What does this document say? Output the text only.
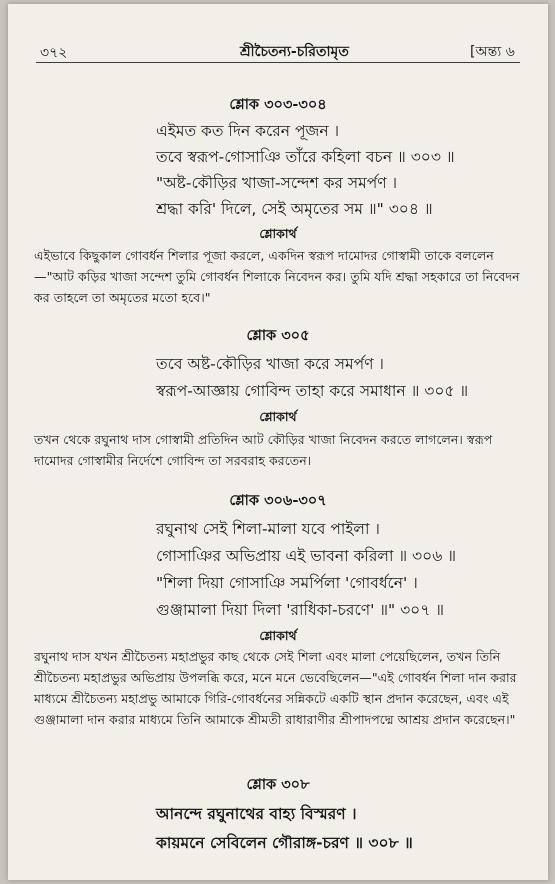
৩৭২	শ্রীচৈতন্য-চরিতামৃত	[অন্ত্য ৬
শ্লোক ৩০৩-৩০৪
এইমত কত দিন করেন পূজন ।
তবে স্বরূপ-গোসাঞি তাঁরে কহিলা বচন ॥ ৩০৩ ॥
"অষ্ট-কৌড়ির খাজা-সন্দেশ কর সমর্পণ ।
শ্রদ্ধা করি' দিলে, সেই অমৃতের সম ॥" ৩০৪ ॥
শ্লোকার্থ
এইভাবে কিছুকাল গোবর্ধন শিলার পূজা করলে, একদিন স্বরূপ দামোদর গোস্বামী তাকে বললেন—"আট কড়ির খাজা সন্দেশ তুমি গোবর্ধন শিলাকে নিবেদন কর। তুমি যদি শ্রদ্ধা সহকারে তা নিবেদন কর তাহলে তা অমৃতের মতো হবে।"
শ্লোক ৩০৫
তবে অষ্ট-কৌড়ির খাজা করে সমর্পণ ।
স্বরূপ-আজ্ঞায় গোবিন্দ তাহা করে সমাধান ॥ ৩০৫ ॥
শ্লোকার্থ
তখন থেকে রঘুনাথ দাস গোস্বামী প্রতিদিন আট কৌড়ির খাজা নিবেদন করতে লাগলেন। স্বরূপ দামোদর গোস্বামীর নির্দেশে গোবিন্দ তা সরবরাহ করতেন।
শ্লোক ৩০৬-৩০৭
রঘুনাথ সেই শিলা-মালা যবে পাইলা ।
গোসাঞির অভিপ্রায় এই ভাবনা করিলা ॥ ৩০৬ ॥
"শিলা দিয়া গোসাঞি সমর্পিলা 'গোবর্ধনে' ।
গুঞ্জামালা দিয়া দিলা 'রাধিকা-চরণে' ॥" ৩০৭ ॥
শ্লোকার্থ
রঘুনাথ দাস যখন শ্রীচৈতন্য মহাপ্রভুর কাছ থেকে সেই শিলা এবং মালা পেয়েছিলেন, তখন তিনি শ্রীচৈতন্য মহাপ্রভুর অভিপ্রায় উপলব্ধি করে, মনে মনে ভেবেছিলেন—"এই গোবর্ধন শিলা দান করার মাধ্যমে শ্রীচৈতন্য মহাপ্রভু আমাকে গিরি-গোবর্ধনের সন্নিকটে একটি স্থান প্রদান করেছেন, এবং এই গুঞ্জামালা দান করার মাধ্যমে তিনি আমাকে শ্রীমতী রাধারাণীর শ্রীপাদপদ্মে আশ্রয় প্রদান করেছেন।"
শ্লোক ৩০৮
আনন্দে রঘুনাথের বাহ্য বিস্মরণ ।
কায়মনে সেবিলেন গৌরাঙ্গ-চরণ ॥ ৩০৮ ॥
